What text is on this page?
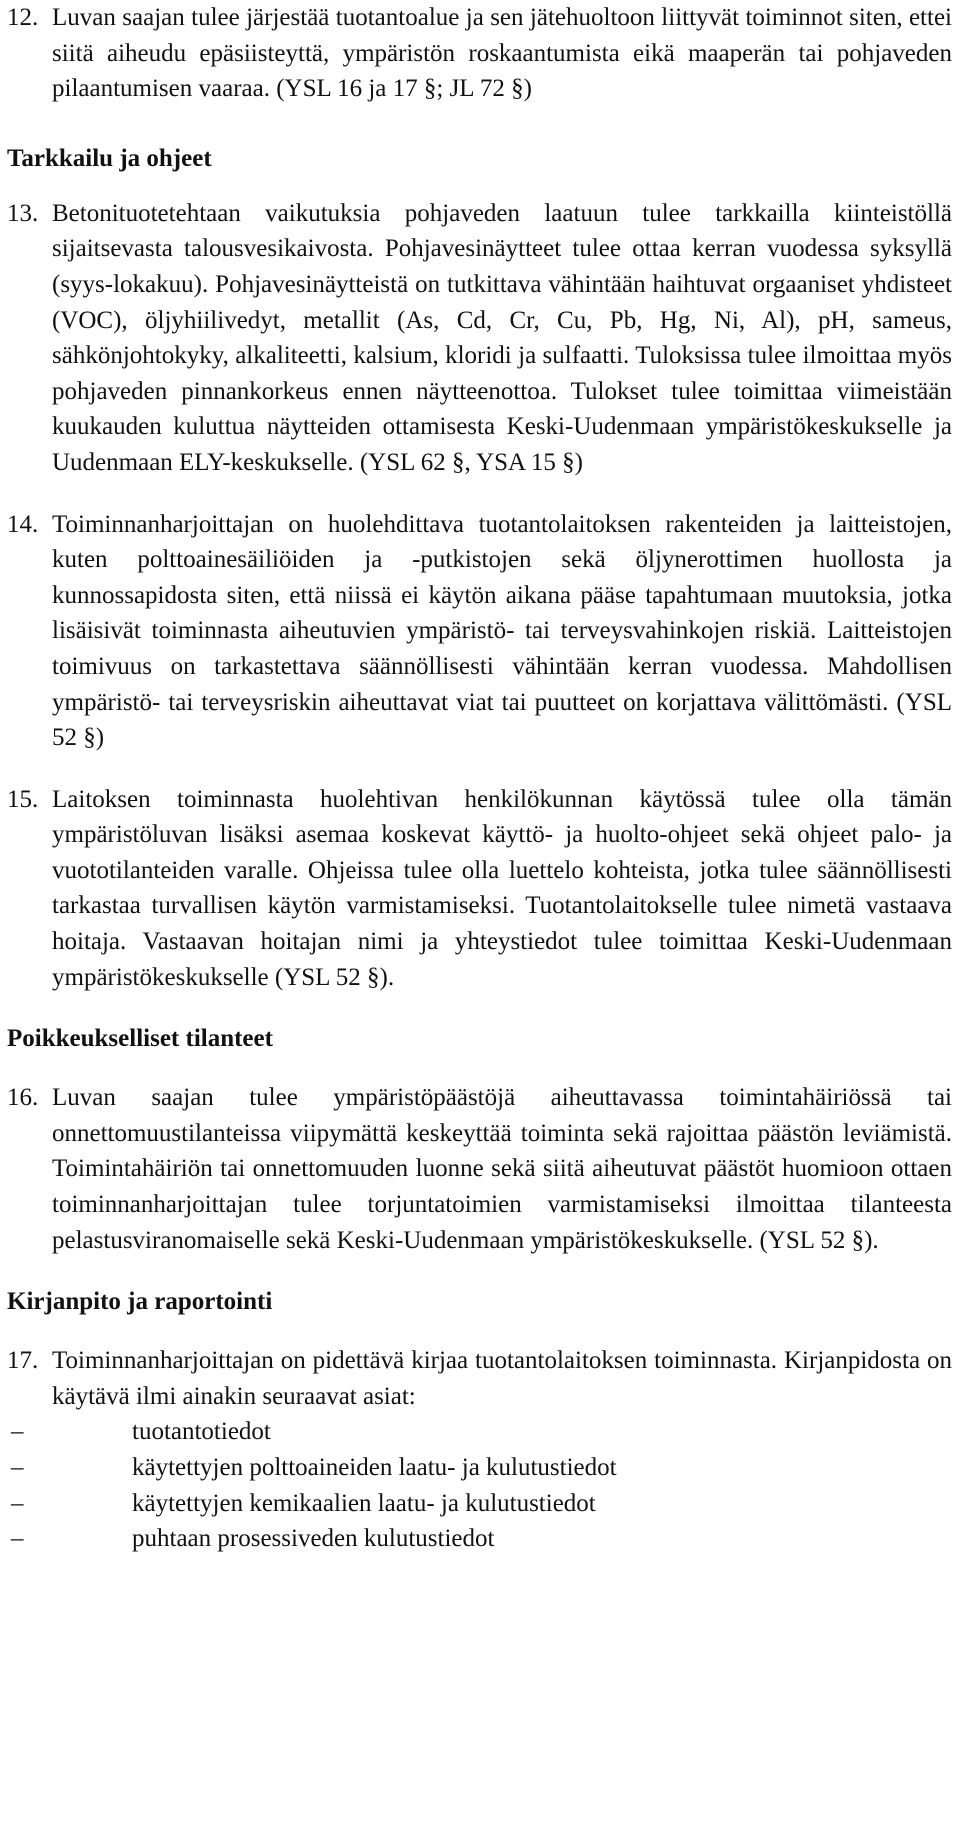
12. Luvan saajan tulee järjestää tuotantoalue ja sen jätehuoltoon liittyvät toiminnot siten, ettei siitä aiheudu epäsiisteyttä, ympäristön roskaantumista eikä maaperän tai pohjaveden pilaantumisen vaaraa. (YSL 16 ja 17 §; JL 72 §)
Tarkkailu ja ohjeet
13. Betonituotetehtaan vaikutuksia pohjaveden laatuun tulee tarkkailla kiinteistöllä sijaitsevasta talousvesikaivosta. Pohjavesinäytteet tulee ottaa kerran vuodessa syksyllä (syys-lokakuu). Pohjavesinäytteistä on tutkittava vähintään haihtuvat orgaaniset yhdisteet (VOC), öljyhiilivedyt, metallit (As, Cd, Cr, Cu, Pb, Hg, Ni, Al), pH, sameus, sähkönjohtokyky, alkaliteetti, kalsium, kloridi ja sulfaatti. Tuloksissa tulee ilmoittaa myös pohjaveden pinnankorkeus ennen näytteenottoa. Tulokset tulee toimittaa viimeistään kuukauden kuluttua näytteiden ottamisesta Keski-Uudenmaan ympäristökeskukselle ja Uudenmaan ELY-keskukselle. (YSL 62 §, YSA 15 §)
14. Toiminnanharjoittajan on huolehdittava tuotantolaitoksen rakenteiden ja laitteistojen, kuten polttoainesäiliöiden ja -putkistojen sekä öljynerottimen huollosta ja kunnossapidosta siten, että niissä ei käytön aikana pääse tapahtumaan muutoksia, jotka lisäisivät toiminnasta aiheutuvien ympäristö- tai terveysvahinkojen riskiä. Laitteistojen toimivuus on tarkastettava säännöllisesti vähintään kerran vuodessa. Mahdollisen ympäristö- tai terveysriskin aiheuttavat viat tai puutteet on korjattava välittömästi. (YSL 52 §)
15. Laitoksen toiminnasta huolehtivan henkilökunnan käytössä tulee olla tämän ympäristöluvan lisäksi asemaa koskevat käyttö- ja huolto-ohjeet sekä ohjeet palo- ja vuototilanteiden varalle. Ohjeissa tulee olla luettelo kohteista, jotka tulee säännöllisesti tarkastaa turvallisen käytön varmistamiseksi. Tuotantolaitokselle tulee nimetä vastaava hoitaja. Vastaavan hoitajan nimi ja yhteystiedot tulee toimittaa Keski-Uudenmaan ympäristökeskukselle (YSL 52 §).
Poikkeukselliset tilanteet
16. Luvan saajan tulee ympäristöpäästöjä aiheuttavassa toimintahäiriössä tai onnettomuustilanteissa viipymättä keskeyttää toiminta sekä rajoittaa päästön leviämistä. Toimintahäiriön tai onnettomuuden luonne sekä siitä aiheutuvat päästöt huomioon ottaen toiminnanharjoittajan tulee torjuntatoimien varmistamiseksi ilmoittaa tilanteesta pelastusviranomaiselle sekä Keski-Uudenmaan ympäristökeskukselle. (YSL 52 §).
Kirjanpito ja raportointi
17. Toiminnanharjoittajan on pidettävä kirjaa tuotantolaitoksen toiminnasta. Kirjanpidosta on käytävä ilmi ainakin seuraavat asiat:
–	tuotantotiedot
–	käytettyjen polttoaineiden laatu- ja kulutustiedot
–	käytettyjen kemikaalien laatu- ja kulutustiedot
–	puhtaan prosessiveden kulutustiedot
